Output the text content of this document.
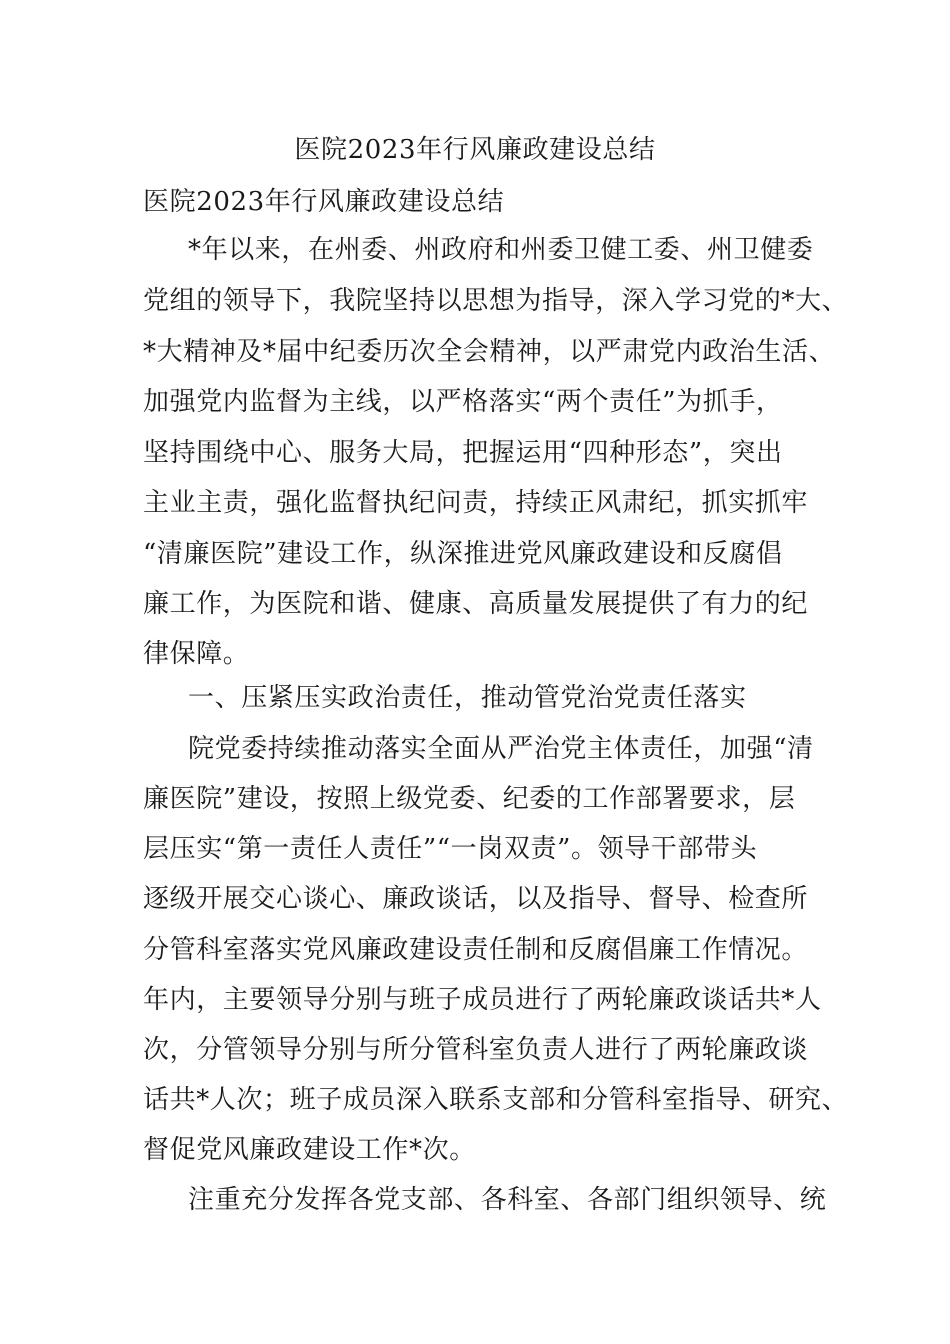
医院2023年行风廉政建设总结
医院2023年行风廉政建设总结
*年以来，在州委、州政府和州委卫健工委、州卫健委
党组的领导下，我院坚持以思想为指导，深入学习党的*大、
*大精神及*届中纪委历次全会精神，以严肃党内政治生活、
加强党内监督为主线，以严格落实“两个责任”为抓手，
坚持围绕中心、服务大局，把握运用“四种形态”，突出
主业主责，强化监督执纪问责，持续正风肃纪，抓实抓牢
“清廉医院”建设工作，纵深推进党风廉政建设和反腐倡
廉工作，为医院和谐、健康、高质量发展提供了有力的纪
律保障。
一、压紧压实政治责任，推动管党治党责任落实
院党委持续推动落实全面从严治党主体责任，加强“清
廉医院”建设，按照上级党委、纪委的工作部署要求，层
层压实“第一责任人责任”“一岗双责”。领导干部带头
逐级开展交心谈心、廉政谈话，以及指导、督导、检查所
分管科室落实党风廉政建设责任制和反腐倡廉工作情况。
年内，主要领导分别与班子成员进行了两轮廉政谈话共*人
次，分管领导分别与所分管科室负责人进行了两轮廉政谈
话共*人次；班子成员深入联系支部和分管科室指导、研究、
督促党风廉政建设工作*次。
注重充分发挥各党支部、各科室、各部门组织领导、统
